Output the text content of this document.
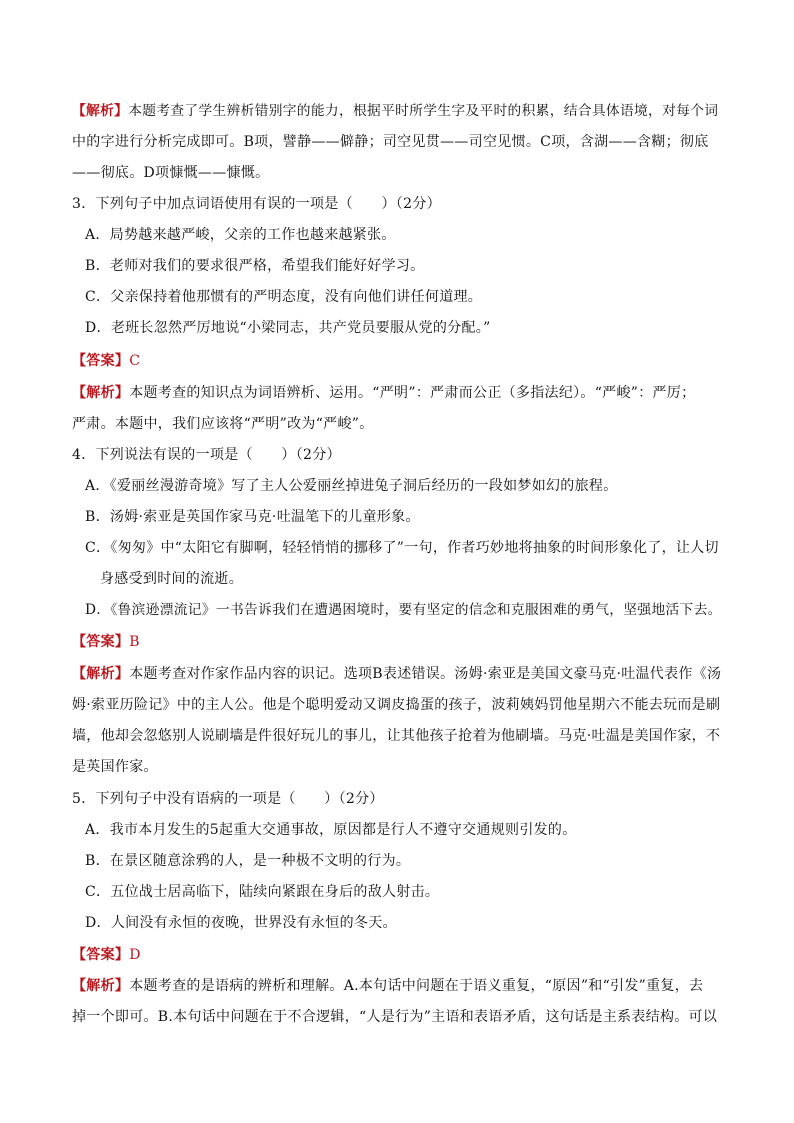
【解析】本题考查了学生辨析错别字的能力，根据平时所学生字及平时的积累，结合具体语境，对每个词
中的字进行分析完成即可。B项，譬静——僻静；司空见贯——司空见惯。C项，含湖——含糊；彻底
——彻底。D项慷慨——慷慨。
3．下列句子中加点词语使用有误的一项是（　　）（2分）
A．局势越来越严峻，父亲的工作也越来越紧张。
B．老师对我们的要求很严格，希望我们能好好学习。
C．父亲保持着他那惯有的严明态度，没有向他们讲任何道理。
D．老班长忽然严厉地说“小梁同志，共产党员要服从党的分配。”
【答案】C
【解析】本题考查的知识点为词语辨析、运用。“严明”：严肃而公正（多指法纪）。“严峻”：严厉；
严肃。本题中，我们应该将“严明”改为“严峻”。
4．下列说法有误的一项是（　　）（2分）
A．《爱丽丝漫游奇境》写了主人公爱丽丝掉进兔子洞后经历的一段如梦如幻的旅程。
B．汤姆·索亚是英国作家马克·吐温笔下的儿童形象。
C．《匆匆》中“太阳它有脚啊，轻轻悄悄的挪移了”一句，作者巧妙地将抽象的时间形象化了，让人切
身感受到时间的流逝。
D．《鲁滨逊漂流记》一书告诉我们在遭遇困境时，要有坚定的信念和克服困难的勇气，坚强地活下去。
【答案】B
【解析】本题考查对作家作品内容的识记。选项B表述错误。汤姆·索亚是美国文豪马克·吐温代表作《汤
姆·索亚历险记》中的主人公。他是个聪明爱动又调皮捣蛋的孩子，波莉姨妈罚他星期六不能去玩而是刷
墙，他却会忽悠别人说刷墙是件很好玩儿的事儿，让其他孩子抢着为他刷墙。马克·吐温是美国作家，不
是英国作家。
5．下列句子中没有语病的一项是（　　）（2分）
A．我市本月发生的5起重大交通事故，原因都是行人不遵守交通规则引发的。
B．在景区随意涂鸦的人，是一种极不文明的行为。
C．五位战士居高临下，陆续向紧跟在身后的敌人射击。
D．人间没有永恒的夜晚，世界没有永恒的冬天。
【答案】D
【解析】本题考查的是语病的辨析和理解。A.本句话中问题在于语义重复，“原因”和“引发”重复，去
掉一个即可。B.本句话中问题在于不合逻辑，“人是行为”主语和表语矛盾，这句话是主系表结构。可以
